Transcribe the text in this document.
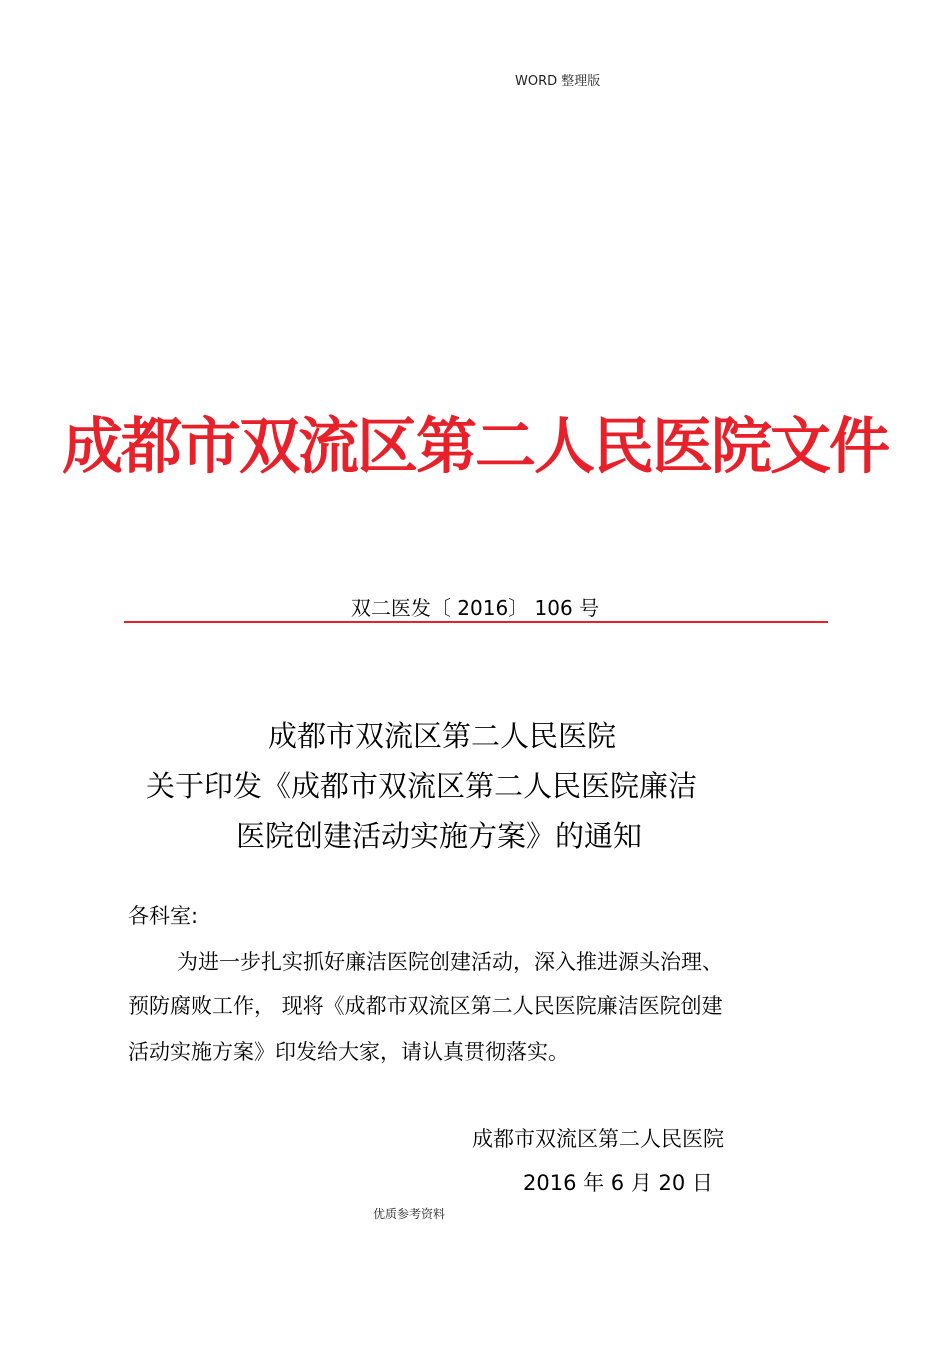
WORD 整理版
成都市双流区第二人民医院文件
双二医发〔 2016〕 106 号
成都市双流区第二人民医院
关于印发《成都市双流区第二人民医院廉洁
医院创建活动实施方案》的通知
各科室:
为进一步扎实抓好廉洁医院创建活动，深入推进源头治理、
预防腐败工作， 现将《成都市双流区第二人民医院廉洁医院创建
活动实施方案》印发给大家，请认真贯彻落实。
成都市双流区第二人民医院
2016 年 6 月 20 日
优质参考资料
